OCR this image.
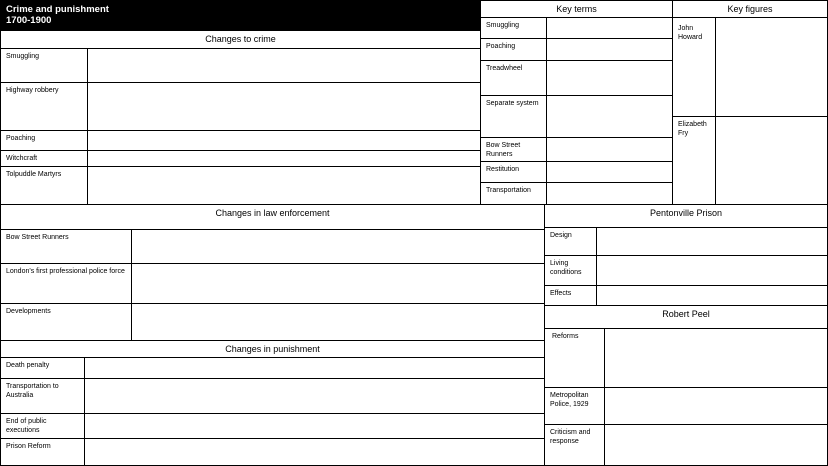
Crime and punishment
1700-1900
Changes to crime
Smuggling
Highway robbery
Poaching
Witchcraft
Tolpuddle Martyrs
Key terms
Smuggling
Poaching
Treadwheel
Separate system
Bow Street Runners
Restitution
Transportation
Key figures
John Howard
Elizabeth Fry
Changes in law enforcement
Bow Street Runners
London's first professional police force
Developments
Pentonville Prison
Design
Living conditions
Effects
Changes in punishment
Death penalty
Transportation to Australia
End of public executions
Prison Reform
Robert Peel
Reforms
Metropolitan Police, 1929
Criticism and response
